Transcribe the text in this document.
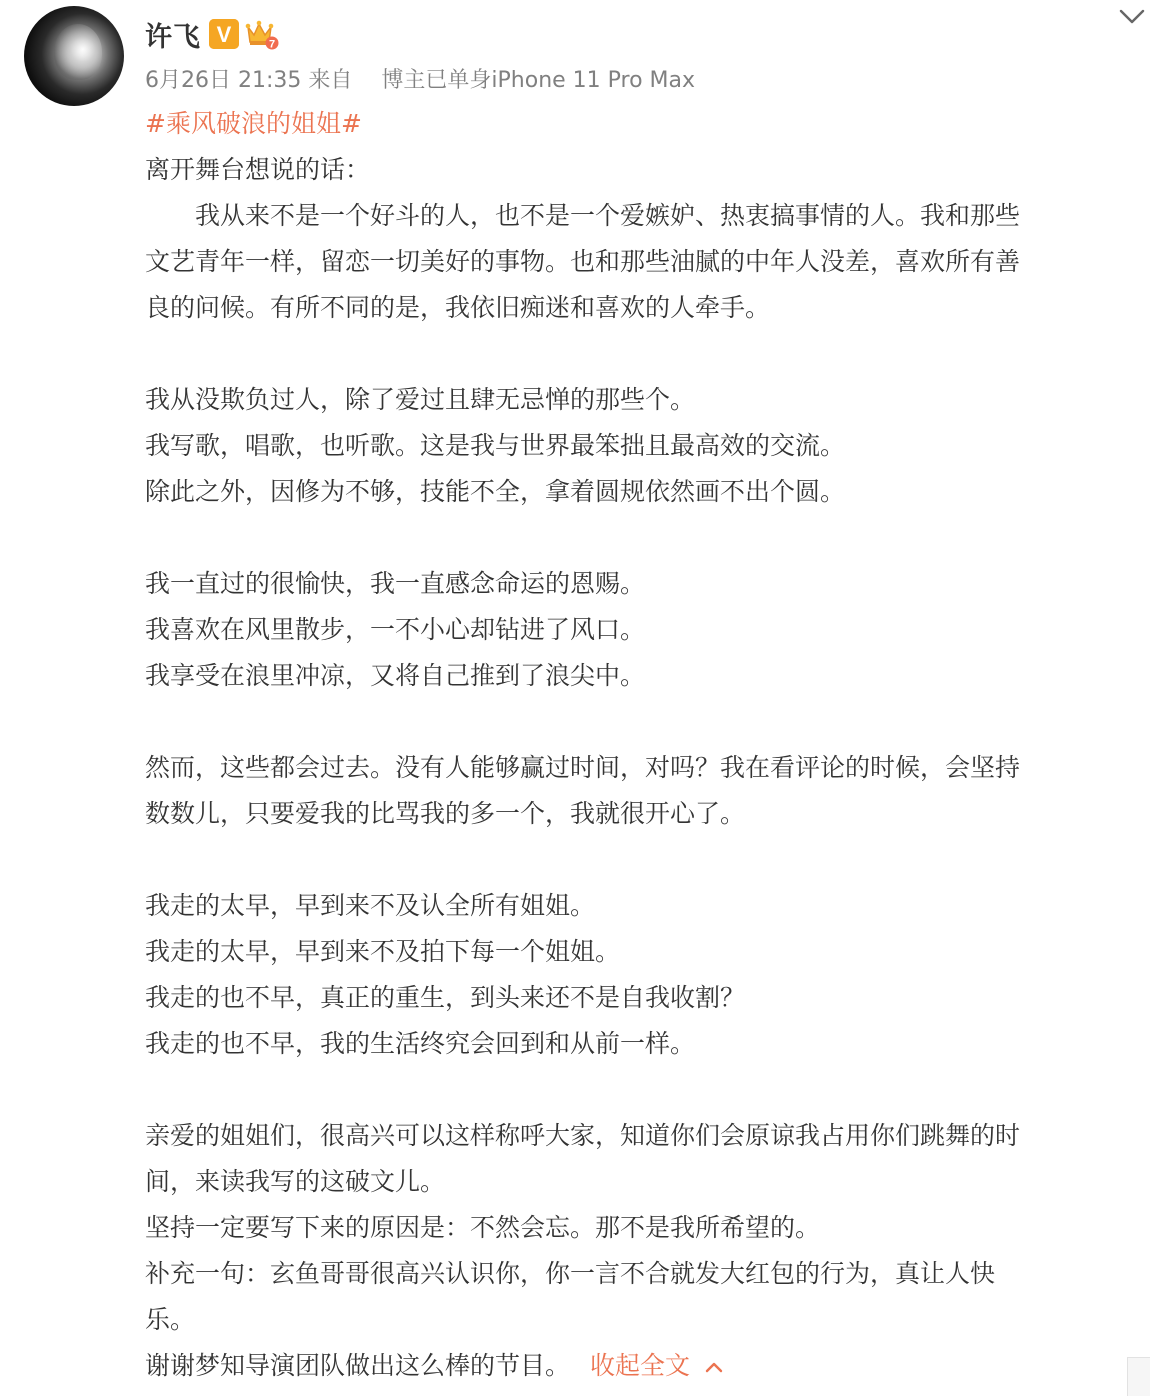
许飞 V	7
6月26日 21:35 来自 博主已单身iPhone 11 Pro Max
#乘风破浪的姐姐#
离开舞台想说的话：
　　我从来不是一个好斗的人，也不是一个爱嫉妒、热衷搞事情的人。我和那些
文艺青年一样，留恋一切美好的事物。也和那些油腻的中年人没差，喜欢所有善
良的问候。有所不同的是，我依旧痴迷和喜欢的人牵手。
我从没欺负过人，除了爱过且肆无忌惮的那些个。
我写歌，唱歌，也听歌。这是我与世界最笨拙且最高效的交流。
除此之外，因修为不够，技能不全，拿着圆规依然画不出个圆。
我一直过的很愉快，我一直感念命运的恩赐。
我喜欢在风里散步，一不小心却钻进了风口。
我享受在浪里冲凉，又将自己推到了浪尖中。
然而，这些都会过去。没有人能够赢过时间，对吗？我在看评论的时候，会坚持
数数儿，只要爱我的比骂我的多一个，我就很开心了。
我走的太早，早到来不及认全所有姐姐。
我走的太早，早到来不及拍下每一个姐姐。
我走的也不早，真正的重生，到头来还不是自我收割？
我走的也不早，我的生活终究会回到和从前一样。
亲爱的姐姐们，很高兴可以这样称呼大家，知道你们会原谅我占用你们跳舞的时
间，来读我写的这破文儿。
坚持一定要写下来的原因是：不然会忘。那不是我所希望的。
补充一句：玄鱼哥哥很高兴认识你，你一言不合就发大红包的行为，真让人快
乐。
谢谢梦知导演团队做出这么棒的节目。 收起全文
